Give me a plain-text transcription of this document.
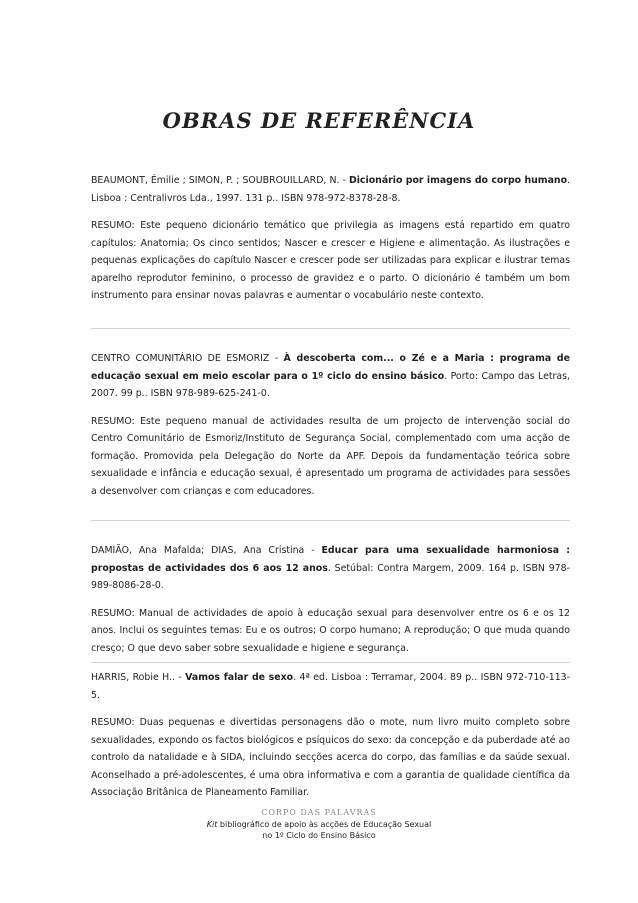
OBRAS DE REFERÊNCIA

BEAUMONT, Émilie ; SIMON, P. ; SOUBROUILLARD, N. - Dicionário por imagens do corpo humano. Lisboa : Centralivros Lda., 1997. 131 p.. ISBN 978-972-8378-28-8.

RESUMO: Este pequeno dicionário temático que privilegia as imagens está repartido em quatro capítulos: Anatomia; Os cinco sentidos; Nascer e crescer e Higiene e alimentação. As ilustrações e pequenas explicações do capítulo Nascer e crescer pode ser utilizadas para explicar e ilustrar temas aparelho reprodutor feminino, o processo de gravidez e o parto. O dicionário é também um bom instrumento para ensinar novas palavras e aumentar o vocabulário neste contexto.

CENTRO COMUNITÁRIO DE ESMORIZ - À descoberta com... o Zé e a Maria : programa de educação sexual em meio escolar para o 1º ciclo do ensino básico. Porto: Campo das Letras, 2007. 99 p.. ISBN 978-989-625-241-0.

RESUMO: Este pequeno manual de actividades resulta de um projecto de intervenção social do Centro Comunitário de Esmoriz/Instituto de Segurança Social, complementado com uma acção de formação. Promovida pela Delegação do Norte da APF. Depois da fundamentação teórica sobre sexualidade e infância e educação sexual, é apresentado um programa de actividades para sessões a desenvolver com crianças e com educadores.

DAMIÃO, Ana Mafalda; DIAS, Ana Cristina - Educar para uma sexualidade harmoniosa : propostas de actividades dos 6 aos 12 anos. Setúbal: Contra Margem, 2009. 164 p. ISBN 978-989-8086-28-0.

RESUMO: Manual de actividades de apoio à educação sexual para desenvolver entre os 6 e os 12 anos. Inclui os seguintes temas: Eu e os outros; O corpo humano; A reprodução; O que muda quando cresço; O que devo saber sobre sexualidade e higiene e segurança.

HARRIS, Robie H.. - Vamos falar de sexo. 4ª ed. Lisboa : Terramar, 2004. 89 p.. ISBN 972-710-113-5.

RESUMO: Duas pequenas e divertidas personagens dão o mote, num livro muito completo sobre sexualidades, expondo os factos biológicos e psíquicos do sexo: da concepção e da puberdade até ao controlo da natalidade e à SIDA, incluindo secções acerca do corpo, das famílias e da saúde sexual. Aconselhado a pré-adolescentes, é uma obra informativa e com a garantia de qualidade científica da Associação Britânica de Planeamento Familiar.

CORPO DAS PALAVRAS
Kit bibliográfico de apoio às acções de Educação Sexual
no 1º Ciclo do Ensino Básico
